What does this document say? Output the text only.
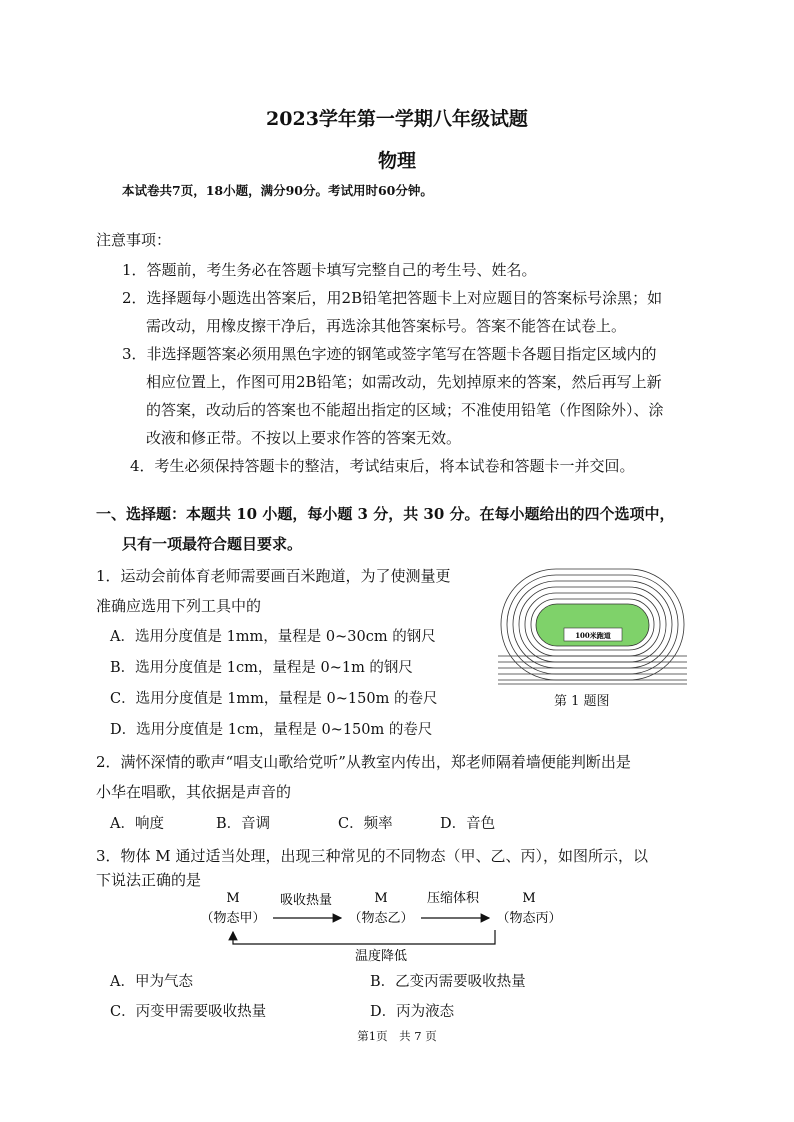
2023学年第一学期八年级试题
物理
本试卷共7页，18小题，满分90分。考试用时60分钟。
注意事项：
1．答题前，考生务必在答题卡填写完整自己的考生号、姓名。
2．选择题每小题选出答案后，用2B铅笔把答题卡上对应题目的答案标号涂黑；如
需改动，用橡皮擦干净后，再选涂其他答案标号。答案不能答在试卷上。
3．非选择题答案必须用黑色字迹的钢笔或签字笔写在答题卡各题目指定区域内的
相应位置上，作图可用2B铅笔；如需改动，先划掉原来的答案，然后再写上新
的答案，改动后的答案也不能超出指定的区域；不准使用铅笔（作图除外）、涂
改液和修正带。不按以上要求作答的答案无效。
4．考生必须保持答题卡的整洁，考试结束后，将本试卷和答题卡一并交回。
一、选择题：本题共 10 小题，每小题 3 分，共 30 分。在每小题给出的四个选项中，
只有一项最符合题目要求。
1．运动会前体育老师需要画百米跑道，为了使测量更
准确应选用下列工具中的
A．选用分度值是 1mm，量程是 0~30cm 的钢尺
B．选用分度值是 1cm，量程是 0~1m 的钢尺
C．选用分度值是 1mm，量程是 0~150m 的卷尺
D．选用分度值是 1cm，量程是 0~150m 的卷尺
100米跑道
第 1 题图
2．满怀深情的歌声“唱支山歌给党听”从教室内传出，郑老师隔着墙便能判断出是
小华在唱歌，其依据是声音的
A．响度	B．音调	C．频率	D．音色
3．物体 M 通过适当处理，出现三种常见的不同物态（甲、乙、丙），如图所示，以
下说法正确的是
M
（物态甲）
M
（物态乙）
M
（物态丙）
吸收热量	压缩体积
温度降低
A．甲为气态	B．乙变丙需要吸收热量
C．丙变甲需要吸收热量	D．丙为液态
第1页　共 7 页
